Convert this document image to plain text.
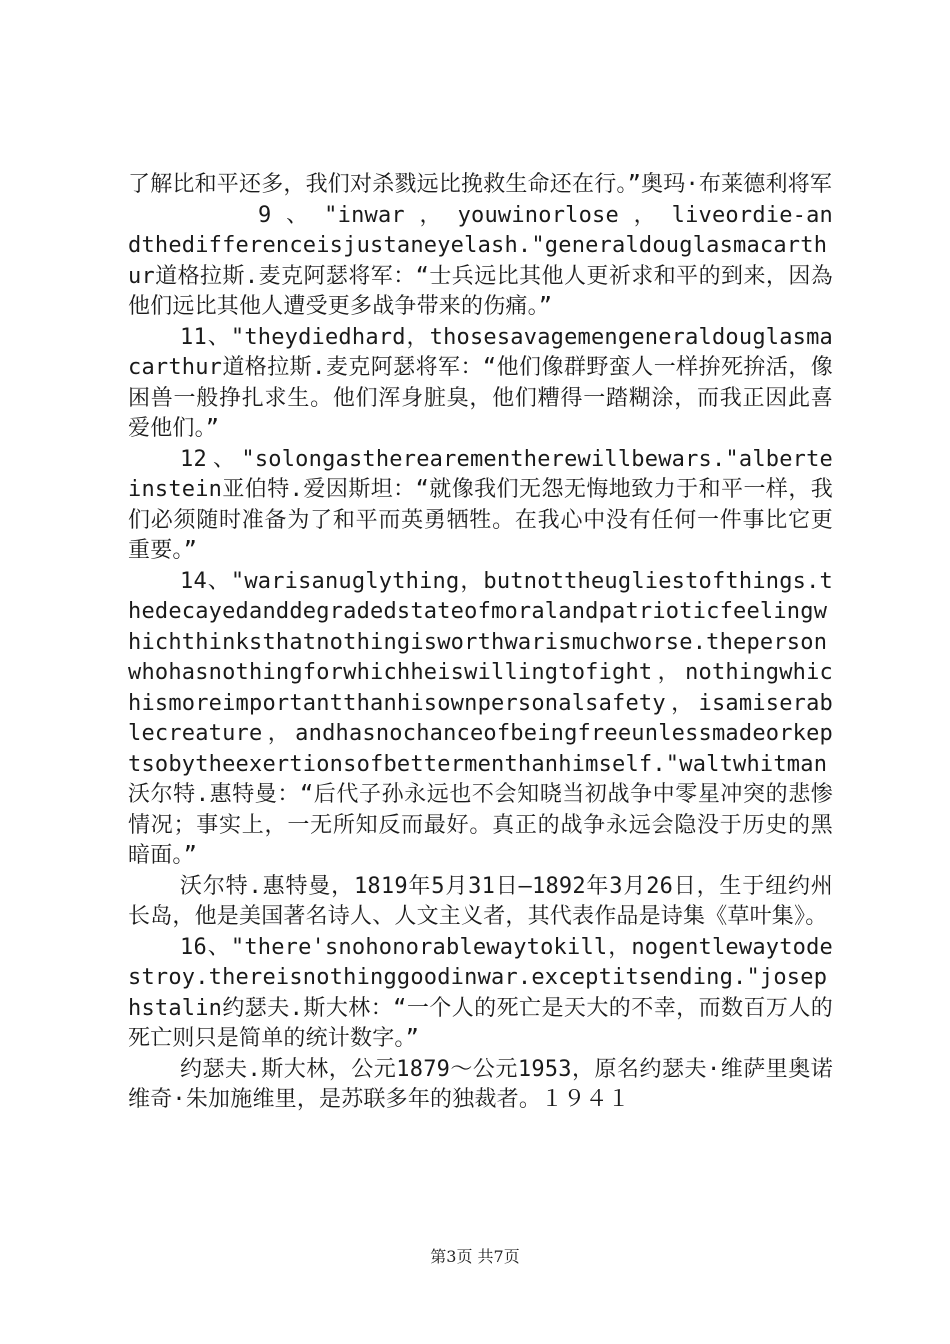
了解比和平还多，我们对杀戮远比挽救生命还在行。”奥玛·布莱德利将军

9 、 "inwar ， youwinorlose ， liveordie-andthedifferenceisjustaneyelash."generaldouglasmacarthur道格拉斯.麦克阿瑟将军：“士兵远比其他人更祈求和平的到来，因為他们远比其他人遭受更多战争带来的伤痛。”

11、"theydiedhard，thosesavagemengeneraldouglasmacarthur道格拉斯.麦克阿瑟将军：“他们像群野蛮人一样拚死拚活，像困兽一般挣扎求生。他们浑身脏臭，他们糟得一踏糊涂，而我正因此喜爱他们。”

12、"solongastherearementherewillbewars."alberteinstein亚伯特.爱因斯坦：“就像我们无怨无悔地致力于和平一样，我们必须随时准备为了和平而英勇牺牲。在我心中没有任何一件事比它更重要。”

14、"warisanuglything，butnottheugliestofthings.thedecayedanddegradedstateofmoralandpatrioticfeelingwhichthinksthatnothingisworthwarismuchworse.thepersonwhohasnothingforwhichheiswillingtofight，nothingwhichismoreimportantthanhisownpersonalsafety，isamiserablecreature，andhasnochanceofbeingfreeunlessmadeorkeptsobytheexertionsofbettermenthanhimself."waltwhitman沃尔特.惠特曼：“后代子孙永远也不会知晓当初战争中零星冲突的悲惨情况；事实上，一无所知反而最好。真正的战争永远会隐没于历史的黑暗面。”

沃尔特.惠特曼，1819年5月31日—1892年3月26日，生于纽约州长岛，他是美国著名诗人、人文主义者，其代表作品是诗集《草叶集》。

16、"there'snohonorablewaytokill，nogentlewaytodestroy.thereisnothinggoodinwar.exceptitsending."josephstalin约瑟夫.斯大林：“一个人的死亡是天大的不幸，而数百万人的死亡则只是简单的统计数字。”

约瑟夫.斯大林，公元1879～公元1953，原名约瑟夫·维萨里奥诺维奇·朱加施维里，是苏联多年的独裁者。１９４１

第3页 共7页
